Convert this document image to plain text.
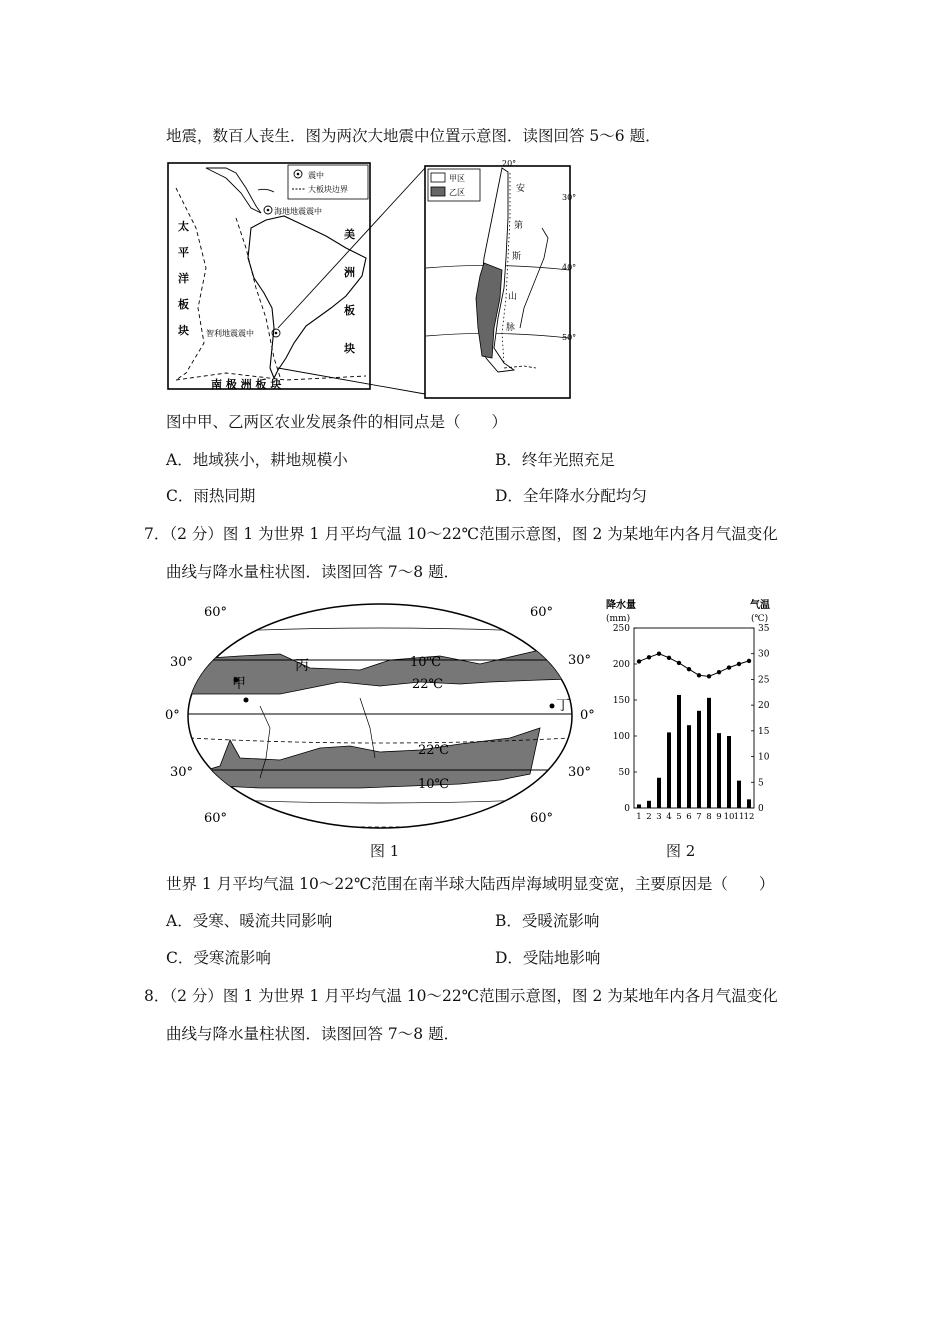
地震，数百人丧生．图为两次大地震中位置示意图．读图回答 5～6 题．
震中
大板块边界
海地地震震中
智利地震震中
太
平
洋
板
块
美
洲
板
块
南 极 洲 板 块
甲区
乙区
20°
30°
40°
50°
安
第
斯
山
脉
图中甲、乙两区农业发展条件的相同点是（　　）
A．地域狭小，耕地规模小	B．终年光照充足
C．雨热同期	D．全年降水分配均匀
7．（2 分）图 1 为世界 1 月平均气温 10～22℃范围示意图，图 2 为某地年内各月气温变化
曲线与降水量柱状图．读图回答 7～8 题．
60°	60°
30°	30°
0°	0°
30°	30°
60°	60°
10℃
22℃
22℃
10℃
甲
丙
丁
图 1
降水量
(mm)
气温
(℃)
0
50
100
150
200
250
0
5
10
15
20
25
30
35
1 2 3 4 5 6 7 8 9 10 11 12
图 2
世界 1 月平均气温 10～22℃范围在南半球大陆西岸海域明显变宽，主要原因是（　　）
A．受寒、暖流共同影响	B．受暖流影响
C．受寒流影响	D．受陆地影响
8．（2 分）图 1 为世界 1 月平均气温 10～22℃范围示意图，图 2 为某地年内各月气温变化
曲线与降水量柱状图．读图回答 7～8 题．
